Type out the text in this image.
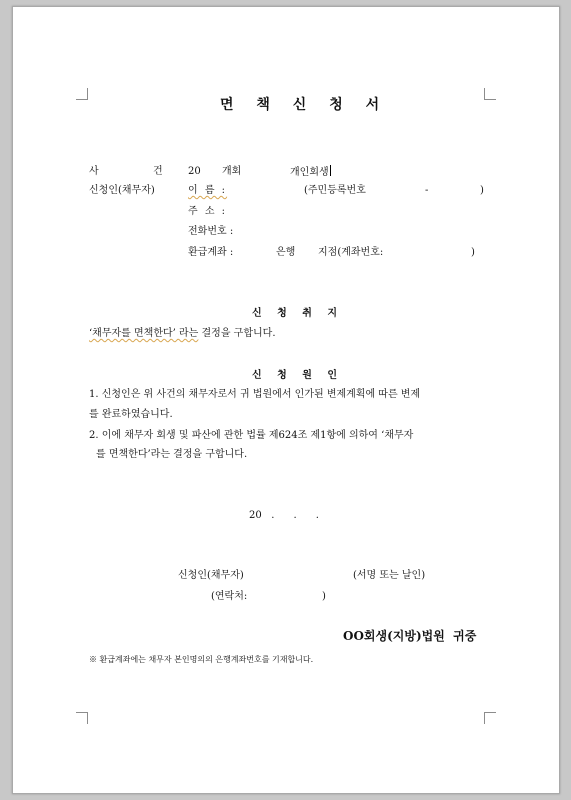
면 책 신 청 서
사	건	20 개회	개인회생
신청인(채무자)	이 름 :	(주민등록번호	-	)
주 소 :
전화번호 :
환급계좌 :	은행 지점(계좌번호:	)
신 청 취 지
‘채무자를 면책한다’ 라는 결정을 구합니다.
신 청 원 인
1. 신청인은 위 사건의 채무자로서 귀 법원에서 인가된 변제계획에 따른 변제
를 완료하였습니다.
2. 이에 채무자 회생 및 파산에 관한 법률 제624조 제1항에 의하여 ‘채무자
를 면책한다’라는 결정을 구합니다.
20   .      .      .
신청인(채무자)	(서명 또는 날인)
(연락처:	)
OO회생(지방)법원  귀중
※ 환급계좌에는 채무자 본인명의의 은행계좌번호를 기재합니다.
